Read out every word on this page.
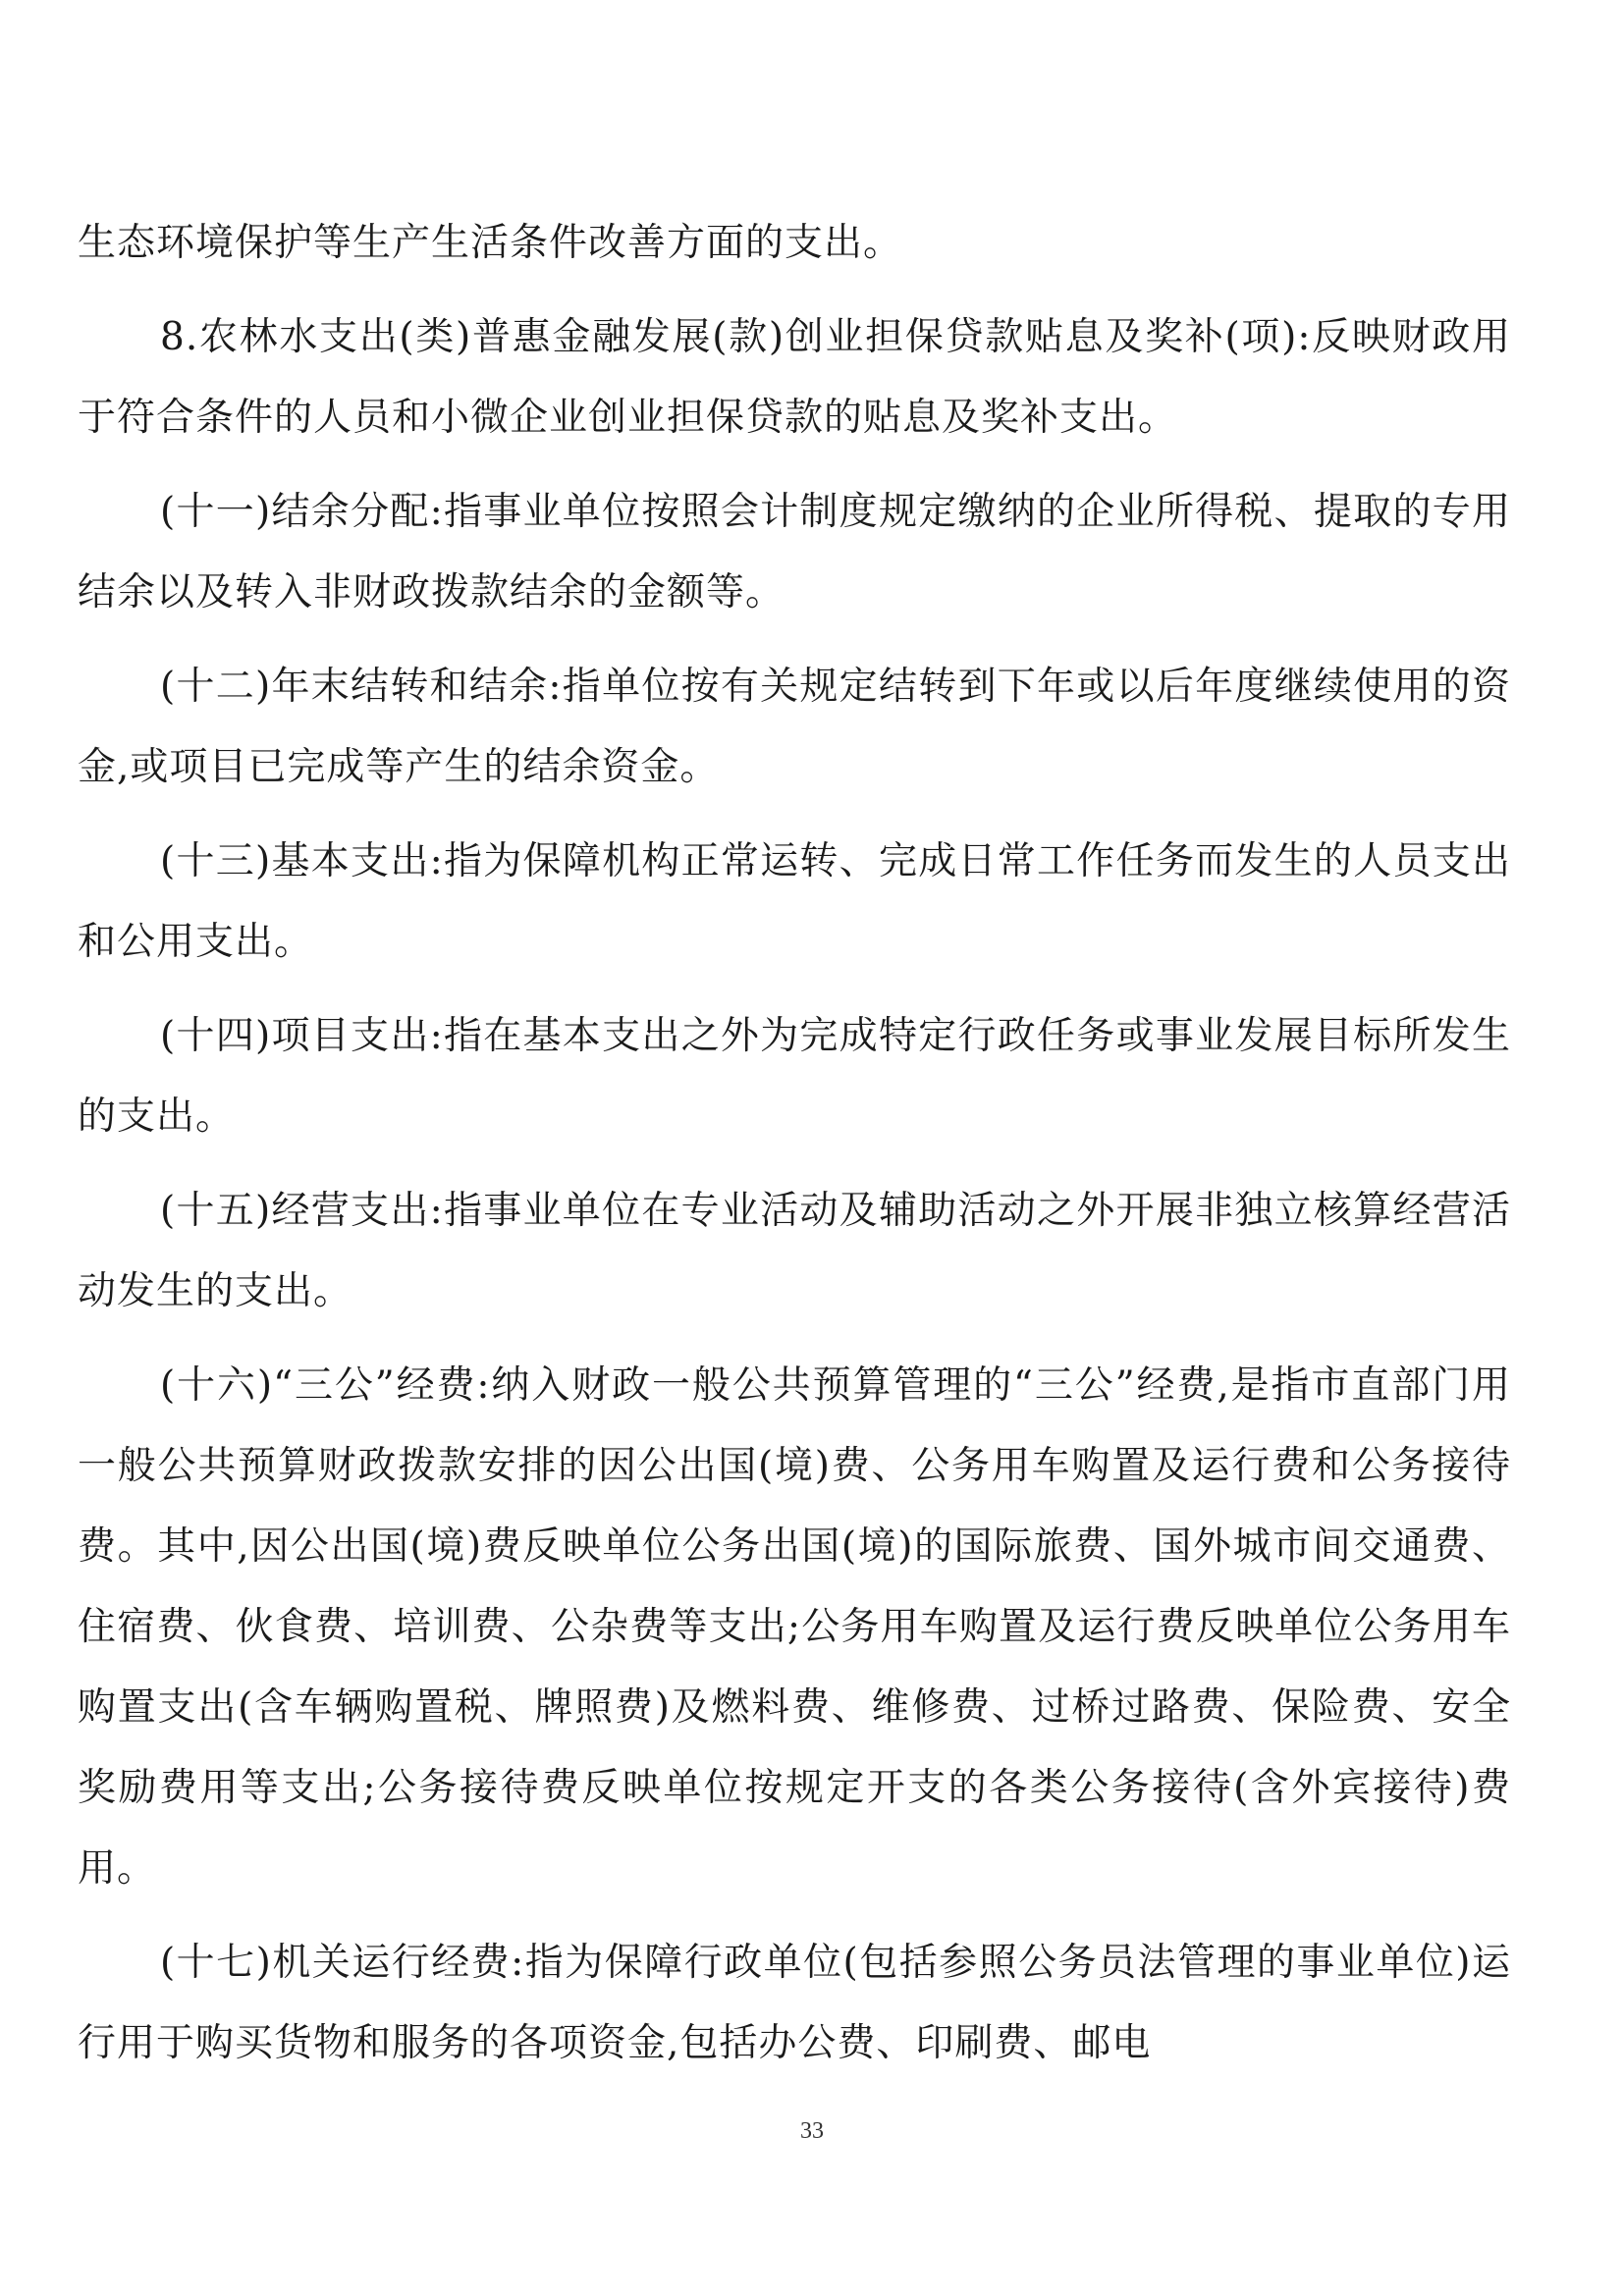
生态环境保护等生产生活条件改善方面的支出。

8.农林水支出(类)普惠金融发展(款)创业担保贷款贴息及奖补(项):反映财政用于符合条件的人员和小微企业创业担保贷款的贴息及奖补支出。

(十一)结余分配:指事业单位按照会计制度规定缴纳的企业所得税、提取的专用结余以及转入非财政拨款结余的金额等。

(十二)年末结转和结余:指单位按有关规定结转到下年或以后年度继续使用的资金,或项目已完成等产生的结余资金。

(十三)基本支出:指为保障机构正常运转、完成日常工作任务而发生的人员支出和公用支出。

(十四)项目支出:指在基本支出之外为完成特定行政任务或事业发展目标所发生的支出。

(十五)经营支出:指事业单位在专业活动及辅助活动之外开展非独立核算经营活动发生的支出。

(十六)“三公”经费:纳入财政一般公共预算管理的“三公”经费,是指市直部门用一般公共预算财政拨款安排的因公出国(境)费、公务用车购置及运行费和公务接待费。其中,因公出国(境)费反映单位公务出国(境)的国际旅费、国外城市间交通费、住宿费、伙食费、培训费、公杂费等支出;公务用车购置及运行费反映单位公务用车购置支出(含车辆购置税、牌照费)及燃料费、维修费、过桥过路费、保险费、安全奖励费用等支出;公务接待费反映单位按规定开支的各类公务接待(含外宾接待)费用。

(十七)机关运行经费:指为保障行政单位(包括参照公务员法管理的事业单位)运行用于购买货物和服务的各项资金,包括办公费、印刷费、邮电

33
